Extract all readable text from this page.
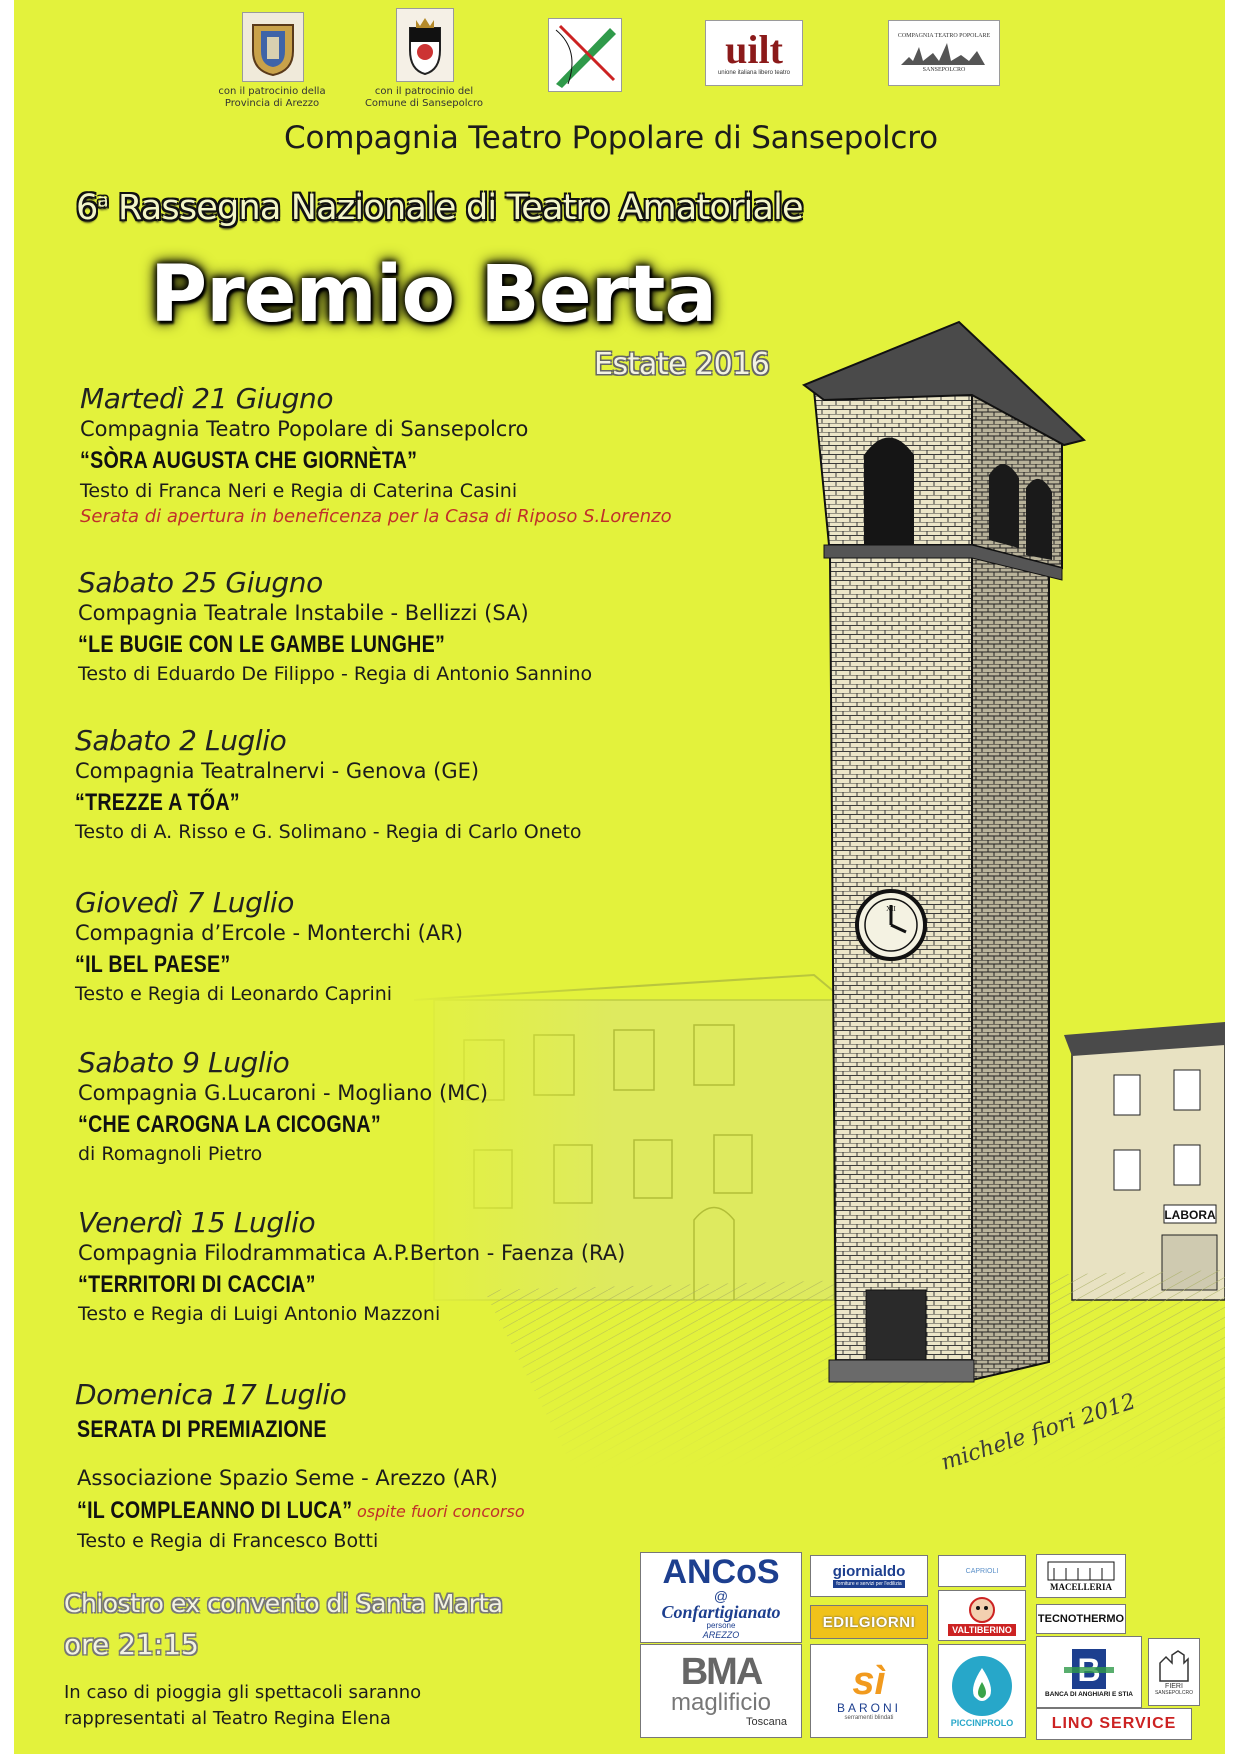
LABORA
XII
michele fiori 2012
con il patrocinio della
Provincia di Arezzo
con il patrocinio del
Comune di Sansepolcro
uilt
unione italiana libero teatro
COMPAGNIA TEATRO POPOLARE
SANSEPOLCRO
Compagnia Teatro Popolare di Sansepolcro
6$^a$ Rassegna Nazionale di Teatro Amatoriale
Premio Berta
Estate 2016
Martedì 21 Giugno
Compagnia Teatro Popolare di Sansepolcro
“SÒRA AUGUSTA CHE GIORNÈTA”
Testo di Franca Neri e Regia di Caterina Casini
Serata di apertura in beneficenza per la Casa di Riposo S.Lorenzo
Sabato 25 Giugno
Compagnia Teatrale Instabile - Bellizzi (SA)
“LE BUGIE CON LE GAMBE LUNGHE”
Testo di Eduardo De Filippo - Regia di Antonio Sannino
Sabato 2 Luglio
Compagnia Teatralnervi - Genova (GE)
“TREZZE A TŐA”
Testo di A. Risso e G. Solimano - Regia di Carlo Oneto
Giovedì 7 Luglio
Compagnia d’Ercole - Monterchi (AR)
“IL BEL PAESE”
Testo e Regia di Leonardo Caprini
Sabato 9 Luglio
Compagnia G.Lucaroni - Mogliano (MC)
“CHE CAROGNA LA CICOGNA”
di Romagnoli Pietro
Venerdì 15 Luglio
Compagnia Filodrammatica A.P.Berton - Faenza (RA)
“TERRITORI DI CACCIA”
Testo e Regia di Luigi Antonio Mazzoni
Domenica 17 Luglio
SERATA DI PREMIAZIONE
Associazione Spazio Seme - Arezzo (AR)
“IL COMPLEANNO DI LUCA” ospite fuori concorso
Testo e Regia di Francesco Botti
Chiostro ex convento di Santa Marta
ore 21:15
In caso di pioggia gli spettacoli saranno
rappresentati al Teatro Regina Elena
ANCoS
@
Confartigianato
persone
AREZZO
BMA
maglificio
Toscana
giornialdo
forniture e servizi per l'edilizia
EDILGIORNI
sì
BARONI
serramenti blindati
CAPRIOLI
VALTIBERINO
PICCINPROLO
MACELLERIA
TECNOTHERMO
BANCA DI ANGHIARI E STIA
LINO SERVICE
FIERI
SANSEPOLCRO
